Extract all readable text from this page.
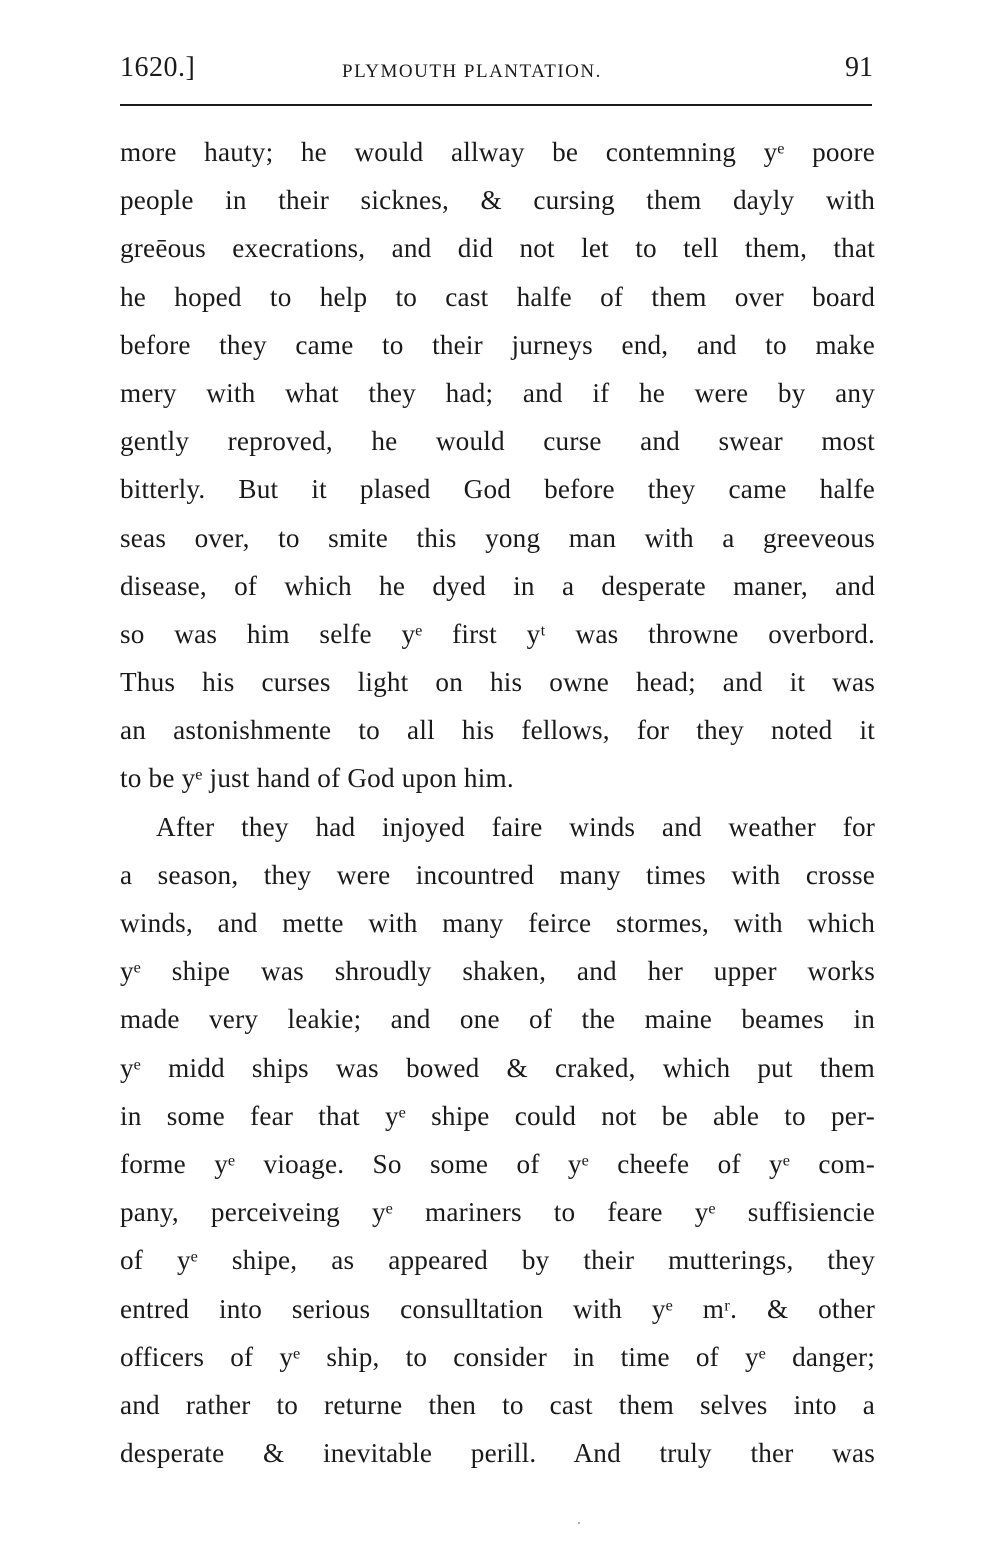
1620.]	PLYMOUTH PLANTATION.	91
more hauty; he would allway be contemning yᵉ poore
people in their sicknes, & cursing them dayly with
greēous execrations, and did not let to tell them, that
he hoped to help to cast halfe of them over board
before they came to their jurneys end, and to make
mery with what they had; and if he were by any
gently reproved, he would curse and swear most
bitterly. But it plased God before they came halfe
seas over, to smite this yong man with a greeveous
disease, of which he dyed in a desperate maner, and
so was him selfe yᵉ first yᵗ was throwne overbord.
Thus his curses light on his owne head; and it was
an astonishmente to all his fellows, for they noted it
to be yᵉ just hand of God upon him.
After they had injoyed faire winds and weather for
a season, they were incountred many times with crosse
winds, and mette with many feirce stormes, with which
yᵉ shipe was shroudly shaken, and her upper works
made very leakie; and one of the maine beames in
yᵉ midd ships was bowed & craked, which put them
in some fear that yᵉ shipe could not be able to per-
forme yᵉ vioage. So some of yᵉ cheefe of yᵉ com-
pany, perceiveing yᵉ mariners to feare yᵉ suffisiencie
of yᵉ shipe, as appeared by their mutterings, they
entred into serious consulltation with yᵉ mʳ. & other
officers of yᵉ ship, to consider in time of yᵉ danger;
and rather to returne then to cast them selves into a
desperate & inevitable perill. And truly ther was
